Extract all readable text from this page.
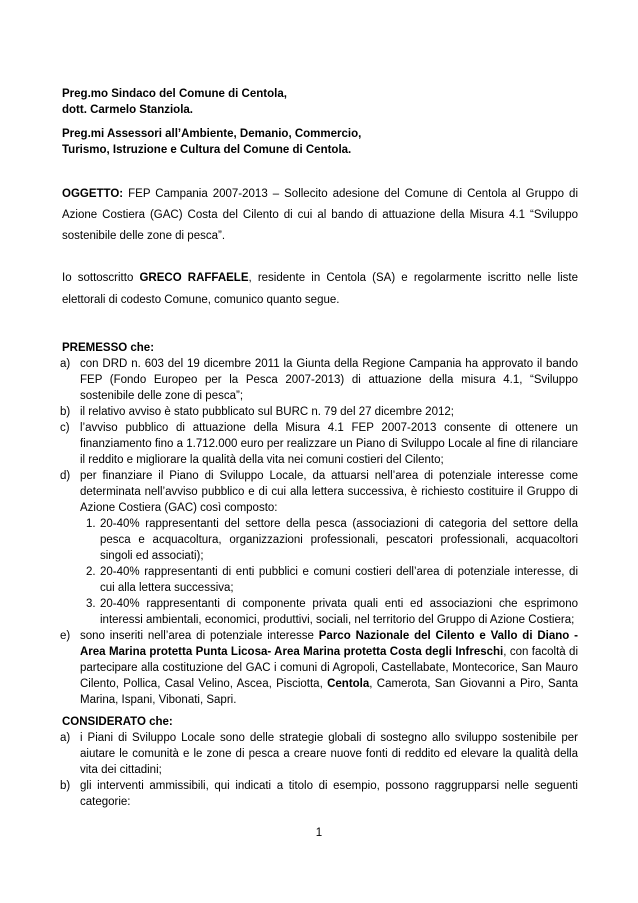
Preg.mo Sindaco del Comune di Centola,
dott. Carmelo Stanziola.

Preg.mi Assessori all’Ambiente, Demanio, Commercio,
Turismo, Istruzione e Cultura del Comune di Centola.

OGGETTO: FEP Campania 2007-2013 – Sollecito adesione del Comune di Centola al Gruppo di Azione Costiera (GAC) Costa del Cilento di cui al bando di attuazione della Misura 4.1 “Sviluppo sostenibile delle zone di pesca”.

Io sottoscritto GRECO RAFFAELE, residente in Centola (SA) e regolarmente iscritto nelle liste elettorali di codesto Comune, comunico quanto segue.

PREMESSO che:

a) con DRD n. 603 del 19 dicembre 2011 la Giunta della Regione Campania ha approvato il bando FEP (Fondo Europeo per la Pesca 2007-2013) di attuazione della misura 4.1, “Sviluppo sostenibile delle zone di pesca”;
b) il relativo avviso è stato pubblicato sul BURC n. 79 del 27 dicembre 2012;
c) l’avviso pubblico di attuazione della Misura 4.1 FEP 2007-2013 consente di ottenere un finanziamento fino a 1.712.000 euro per realizzare un Piano di Sviluppo Locale al fine di rilanciare il reddito e migliorare la qualità della vita nei comuni costieri del Cilento;
d) per finanziare il Piano di Sviluppo Locale, da attuarsi nell’area di potenziale interesse come determinata nell’avviso pubblico e di cui alla lettera successiva, è richiesto costituire il Gruppo di Azione Costiera (GAC) così composto:
1. 20-40% rappresentanti del settore della pesca (associazioni di categoria del settore della pesca e acquacoltura, organizzazioni professionali, pescatori professionali, acquacoltori singoli ed associati);
2. 20-40% rappresentanti di enti pubblici e comuni costieri dell’area di potenziale interesse, di cui alla lettera successiva;
3. 20-40% rappresentanti di componente privata quali enti ed associazioni che esprimono interessi ambientali, economici, produttivi, sociali, nel territorio del Gruppo di Azione Costiera;
e) sono inseriti nell’area di potenziale interesse Parco Nazionale del Cilento e Vallo di Diano - Area Marina protetta Punta Licosa- Area Marina protetta Costa degli Infreschi, con facoltà di partecipare alla costituzione del GAC i comuni di Agropoli, Castellabate, Montecorice, San Mauro Cilento, Pollica, Casal Velino, Ascea, Pisciotta, Centola, Camerota, San Giovanni a Piro, Santa Marina, Ispani, Vibonati, Sapri.

CONSIDERATO che:

a) i Piani di Sviluppo Locale sono delle strategie globali di sostegno allo sviluppo sostenibile per aiutare le comunità e le zone di pesca a creare nuove fonti di reddito ed elevare la qualità della vita dei cittadini;
b) gli interventi ammissibili, qui indicati a titolo di esempio, possono raggrupparsi nelle seguenti categorie:
1
